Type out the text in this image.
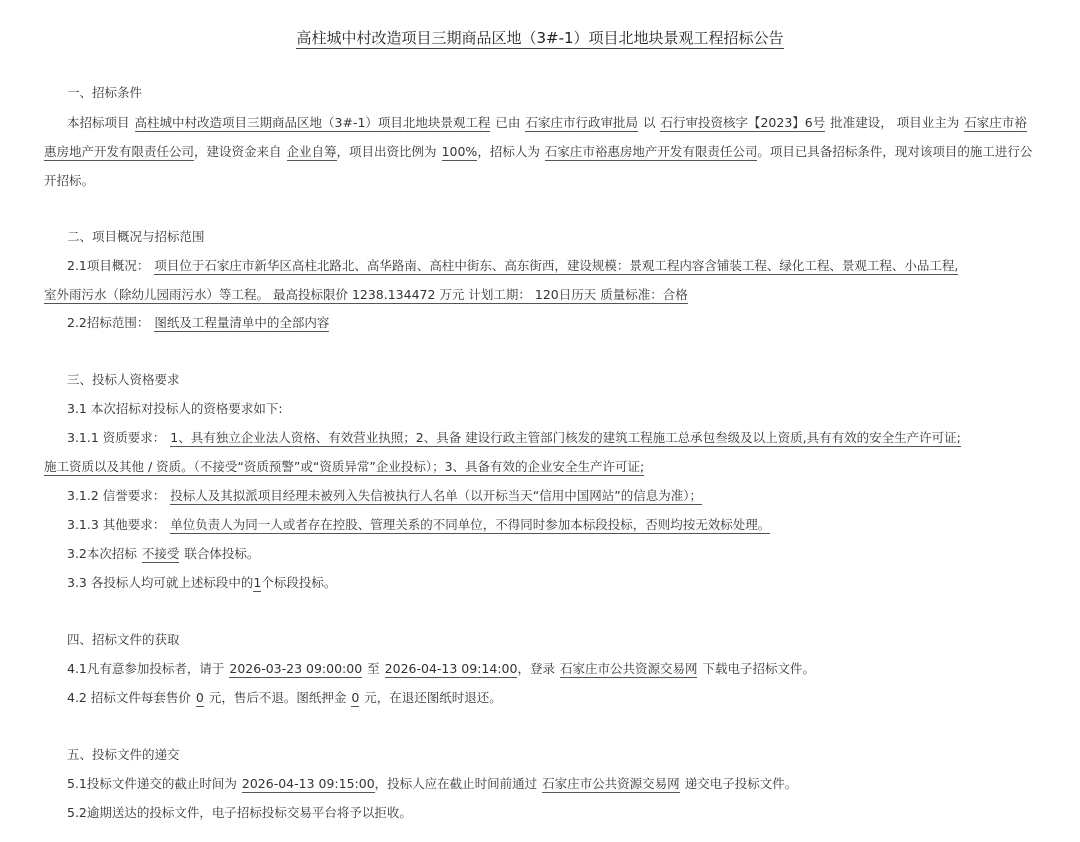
高柱城中村改造项目三期商品区地（3#-1）项目北地块景观工程招标公告
一、招标条件
本招标项目 高柱城中村改造项目三期商品区地（3#-1）项目北地块景观工程 已由 石家庄市行政审批局 以 石行审投资核字【2023】6号 批准建设， 项目业主为 石家庄市裕惠房地产开发有限责任公司，建设资金来自 企业自筹，项目出资比例为 100%，招标人为 石家庄市裕惠房地产开发有限责任公司。项目已具备招标条件，现对该项目的施工进行公开招标。
二、项目概况与招标范围
2.1项目概况： 项目位于石家庄市新华区高柱北路北、高华路南、高柱中街东、高东街西，建设规模：景观工程内容含铺装工程、绿化工程、景观工程、小品工程,
室外雨污水（除幼儿园雨污水）等工程。 最高投标限价 1238.134472 万元 计划工期： 120日历天 质量标准：合格
2.2招标范围： 图纸及工程量清单中的全部内容
三、投标人资格要求
3.1 本次招标对投标人的资格要求如下:
3.1.1 资质要求： 1、具有独立企业法人资格、有效营业执照；2、具备 建设行政主管部门核发的建筑工程施工总承包叁级及以上资质,具有有效的安全生产许可证;
施工资质以及其他 / 资质。（不接受“资质预警”或“资质异常”企业投标）；3、具备有效的企业安全生产许可证;
3.1.2 信誉要求： 投标人及其拟派项目经理未被列入失信被执行人名单（以开标当天“信用中国网站”的信息为准）；
3.1.3 其他要求： 单位负责人为同一人或者存在控股、管理关系的不同单位，不得同时参加本标段投标，否则均按无效标处理。
3.2本次招标 不接受 联合体投标。
3.3 各投标人均可就上述标段中的1个标段投标。
四、招标文件的获取
4.1凡有意参加投标者，请于 2026-03-23 09:00:00 至 2026-04-13 09:14:00，登录 石家庄市公共资源交易网 下载电子招标文件。
4.2 招标文件每套售价 0 元，售后不退。图纸押金 0 元，在退还图纸时退还。
五、投标文件的递交
5.1投标文件递交的截止时间为 2026-04-13 09:15:00，投标人应在截止时间前通过 石家庄市公共资源交易网 递交电子投标文件。
5.2逾期送达的投标文件，电子招标投标交易平台将予以拒收。
